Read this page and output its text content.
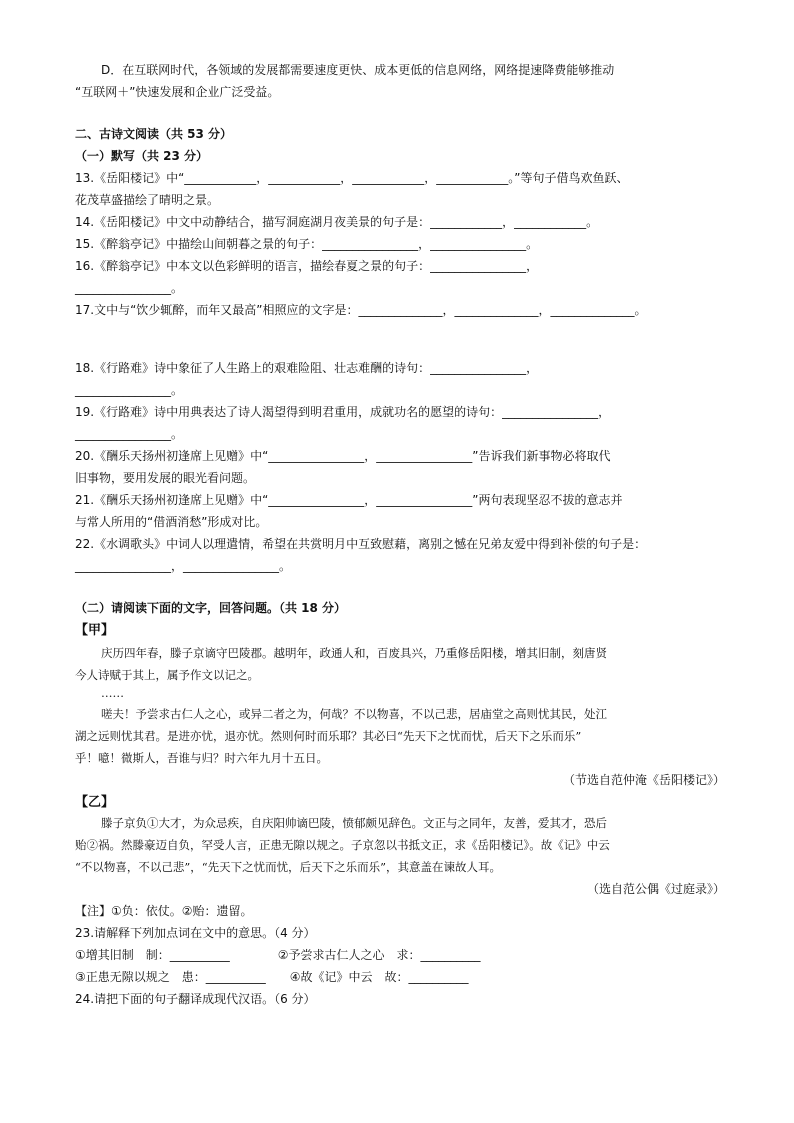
D．在互联网时代，各领域的发展都需要速度更快、成本更低的信息网络，网络提速降费能够推动
“互联网＋”快速发展和企业广泛受益。
二、古诗文阅读（共 53 分）
（一）默写（共 23 分）
13.《岳阳楼记》中“____________，____________，____________，____________。”等句子借鸟欢鱼跃、
花茂草盛描绘了晴明之景。
14.《岳阳楼记》中文中动静结合，描写洞庭湖月夜美景的句子是：____________，____________。
15.《醉翁亭记》中描绘山间朝暮之景的句子：________________，________________。
16.《醉翁亭记》中本文以色彩鲜明的语言，描绘春夏之景的句子：________________，
________________。
17.文中与“饮少辄醉，而年又最高”相照应的文字是：______________，______________，______________。
18.《行路难》诗中象征了人生路上的艰难险阻、壮志难酬的诗句：________________，
________________。
19.《行路难》诗中用典表达了诗人渴望得到明君重用，成就功名的愿望的诗句：________________，
________________。
20.《酬乐天扬州初逢席上见赠》中“________________，________________”告诉我们新事物必将取代
旧事物，要用发展的眼光看问题。
21.《酬乐天扬州初逢席上见赠》中“________________，________________”两句表现坚忍不拔的意志并
与常人所用的“借酒消愁”形成对比。
22.《水调歌头》中词人以理遣情，希望在共赏明月中互致慰藉，离别之憾在兄弟友爱中得到补偿的句子是：
________________，________________。
（二）请阅读下面的文字，回答问题。（共 18 分）
【甲】
庆历四年春，滕子京谪守巴陵郡。越明年，政通人和，百废具兴，乃重修岳阳楼，增其旧制，刻唐贤
今人诗赋于其上，属予作文以记之。
……
嗟夫！予尝求古仁人之心，或异二者之为，何哉？不以物喜，不以己悲，居庙堂之高则忧其民，处江
湖之远则忧其君。是进亦忧，退亦忧。然则何时而乐耶？其必曰“先天下之忧而忧，后天下之乐而乐”
乎！噫！微斯人，吾谁与归？时六年九月十五日。
（节选自范仲淹《岳阳楼记》）
【乙】
滕子京负①大才，为众忌疾，自庆阳帅谪巴陵，愤郁颇见辞色。文正与之同年，友善，爱其才，恐后
贻②祸。然滕豪迈自负，罕受人言，正患无隙以规之。子京忽以书抵文正，求《岳阳楼记》。故《记》中云
“不以物喜，不以己悲”，“先天下之忧而忧，后天下之乐而乐”，其意盖在谏故人耳。
（选自范公偶《过庭录》）
【注】①负：依仗。②贻：遗留。
23.请解释下列加点词在文中的意思。（4 分）
①增其旧制　制：__________　　　　②予尝求古仁人之心　求：__________
③正患无隙以规之　患：__________　　④故《记》中云　故：__________
24.请把下面的句子翻译成现代汉语。（6 分）
